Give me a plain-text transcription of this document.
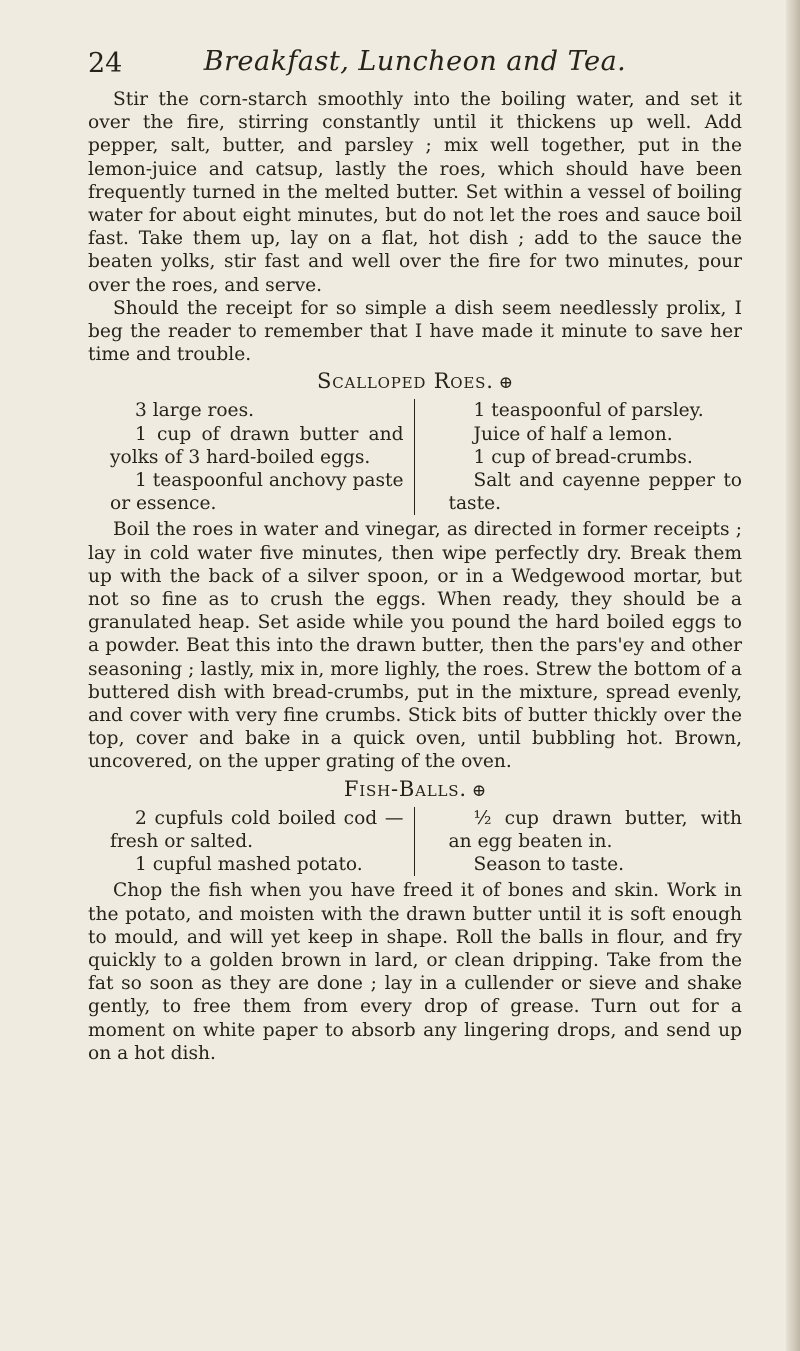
24	Breakfast, Luncheon and Tea.

Stir the corn-starch smoothly into the boiling water, and set it over the fire, stirring constantly until it thickens up well. Add pepper, salt, butter, and parsley ; mix well together, put in the lemon-juice and catsup, lastly the roes, which should have been frequently turned in the melted butter. Set within a vessel of boiling water for about eight minutes, but do not let the roes and sauce boil fast. Take them up, lay on a flat, hot dish ; add to the sauce the beaten yolks, stir fast and well over the fire for two minutes, pour over the roes, and serve.

Should the receipt for so simple a dish seem needlessly prolix, I beg the reader to remember that I have made it minute to save her time and trouble.

Scalloped Roes. ⊕

3 large roes.

1 cup of drawn butter and yolks of 3 hard-boiled eggs.

1 teaspoonful anchovy paste or essence.

1 teaspoonful of parsley.

Juice of half a lemon.

1 cup of bread-crumbs.

Salt and cayenne pepper to taste.

Boil the roes in water and vinegar, as directed in former receipts ; lay in cold water five minutes, then wipe perfectly dry. Break them up with the back of a silver spoon, or in a Wedgewood mortar, but not so fine as to crush the eggs. When ready, they should be a granulated heap. Set aside while you pound the hard boiled eggs to a powder. Beat this into the drawn butter, then the pars'ey and other seasoning ; lastly, mix in, more lighly, the roes. Strew the bottom of a buttered dish with bread-crumbs, put in the mixture, spread evenly, and cover with very fine crumbs. Stick bits of butter thickly over the top, cover and bake in a quick oven, until bubbling hot. Brown, uncovered, on the upper grating of the oven.

Fish-Balls. ⊕

2 cupfuls cold boiled cod —fresh or salted.

1 cupful mashed potato.

½ cup drawn butter, with an egg beaten in.

Season to taste.

Chop the fish when you have freed it of bones and skin. Work in the potato, and moisten with the drawn butter until it is soft enough to mould, and will yet keep in shape. Roll the balls in flour, and fry quickly to a golden brown in lard, or clean dripping. Take from the fat so soon as they are done ; lay in a cullender or sieve and shake gently, to free them from every drop of grease. Turn out for a moment on white paper to absorb any lingering drops, and send up on a hot dish.
